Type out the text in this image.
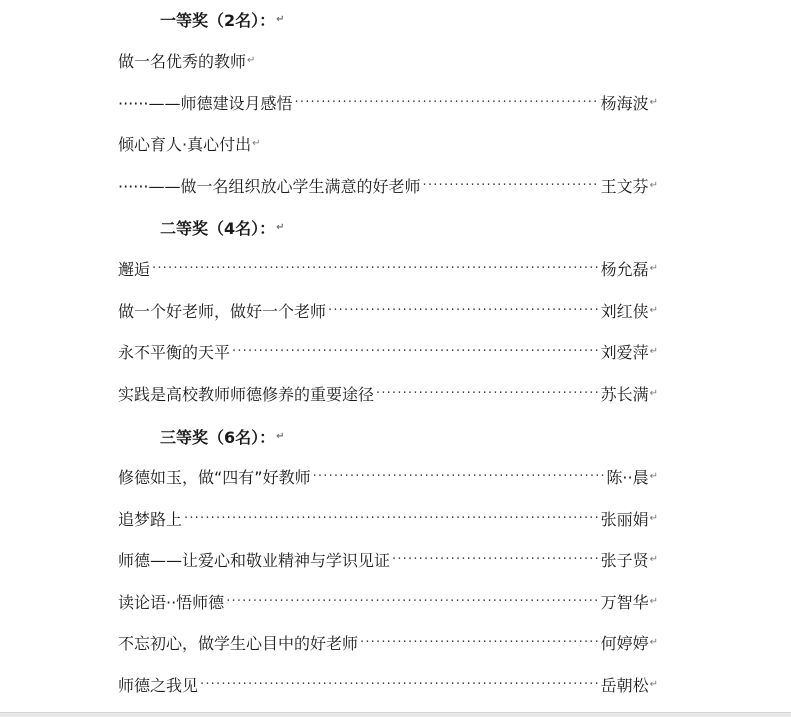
一等奖（2名）： ↵
做一名优秀的教师 ↵
······——师德建设月感悟 ·····	杨海波 ↵
倾心育人·真心付出 ↵
······——做一名组织放心学生满意的好老师 ·····	王文芬 ↵
二等奖（4名）： ↵
邂逅 ·····	杨允磊 ↵
做一个好老师，做好一个老师 ·····	刘红侠 ↵
永不平衡的天平 ·····	刘爱萍 ↵
实践是高校教师师德修养的重要途径 ·····	苏长满 ↵
三等奖（6名）： ↵
修德如玉，做“四有”好教师 ·····	陈··晨 ↵
追梦路上 ·····	张丽娟 ↵
师德——让爱心和敬业精神与学识见证 ·····	张子贤 ↵
读论语··悟师德 ·····	万智华 ↵
不忘初心，做学生心目中的好老师 ·····	何婷婷 ↵
师德之我见 ·····	岳朝松 ↵
